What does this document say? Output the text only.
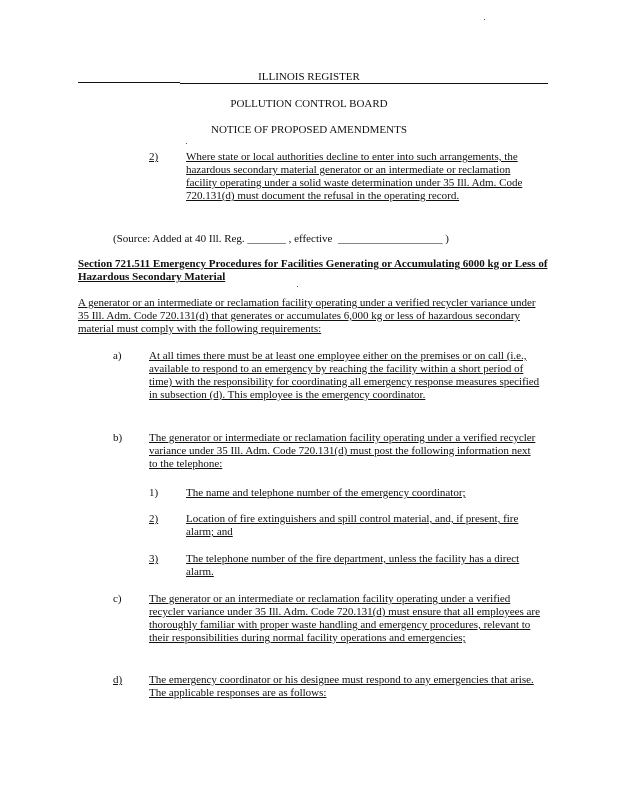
ILLINOIS REGISTER
POLLUTION CONTROL BOARD
NOTICE OF PROPOSED AMENDMENTS
2)	Where state or local authorities decline to enter into such arrangements, the hazardous secondary material generator or an intermediate or reclamation facility operating under a solid waste determination under 35 Ill. Adm. Code 720.131(d) must document the refusal in the operating record.

(Source: Added at 40 Ill. Reg. _______ , effective ___________________ )

Section 721.511 Emergency Procedures for Facilities Generating or Accumulating 6000 kg or Less of Hazardous Secondary Material

A generator or an intermediate or reclamation facility operating under a verified recycler variance under 35 Ill. Adm. Code 720.131(d) that generates or accumulates 6,000 kg or less of hazardous secondary material must comply with the following requirements:

a) At all times there must be at least one employee either on the premises or on call (i.e., available to respond to an emergency by reaching the facility within a short period of time) with the responsibility for coordinating all emergency response measures specified in subsection (d). This employee is the emergency coordinator.

b) The generator or intermediate or reclamation facility operating under a verified recycler variance under 35 Ill. Adm. Code 720.131(d) must post the following information next to the telephone:

1)	The name and telephone number of the emergency coordinator;

2)	Location of fire extinguishers and spill control material, and, if present, fire alarm; and

3)	The telephone number of the fire department, unless the facility has a direct alarm.

c) The generator or an intermediate or reclamation facility operating under a verified recycler variance under 35 Ill. Adm. Code 720.131(d) must ensure that all employees are thoroughly familiar with proper waste handling and emergency procedures, relevant to their responsibilities during normal facility operations and emergencies;

d) The emergency coordinator or his designee must respond to any emergencies that arise. The applicable responses are as follows:
